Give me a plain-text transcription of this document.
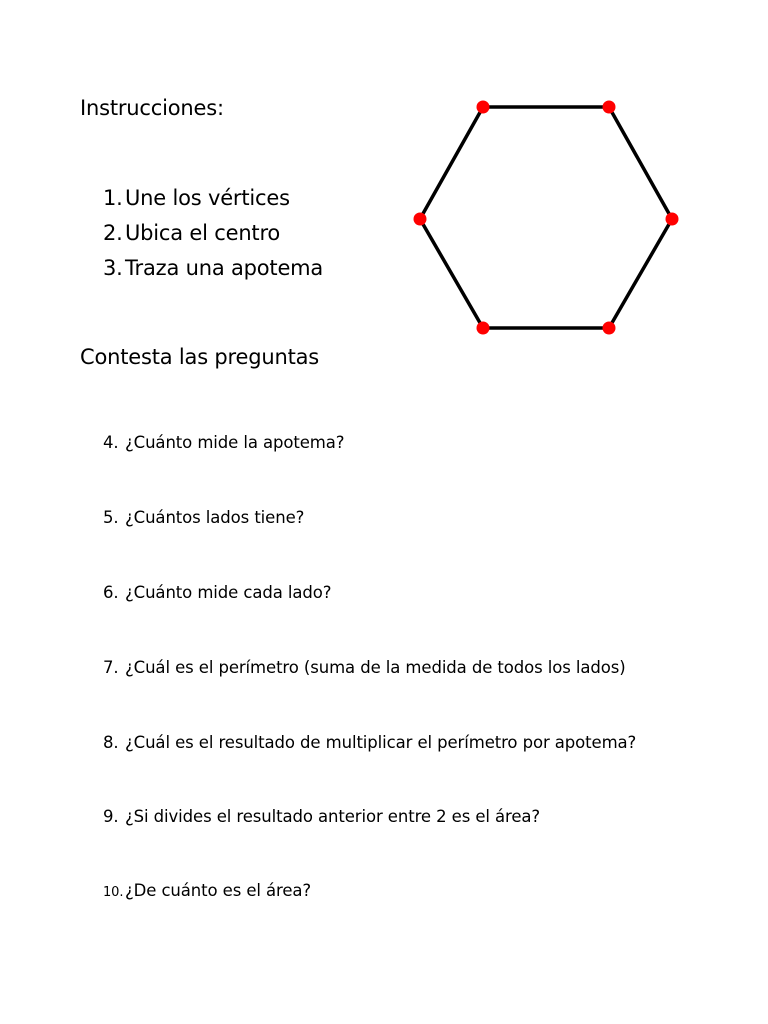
Instrucciones:
1. Une los vértices
2. Ubica el centro
3. Traza una apotema
Contesta las preguntas
4. ¿Cuánto mide la apotema?
5. ¿Cuántos lados tiene?
6. ¿Cuánto mide cada lado?
7. ¿Cuál es el perímetro (suma de la medida de todos los lados)
8. ¿Cuál es el resultado de multiplicar el perímetro por apotema?
9. ¿Si divides el resultado anterior entre 2 es el área?
10.¿De cuánto es el área?
